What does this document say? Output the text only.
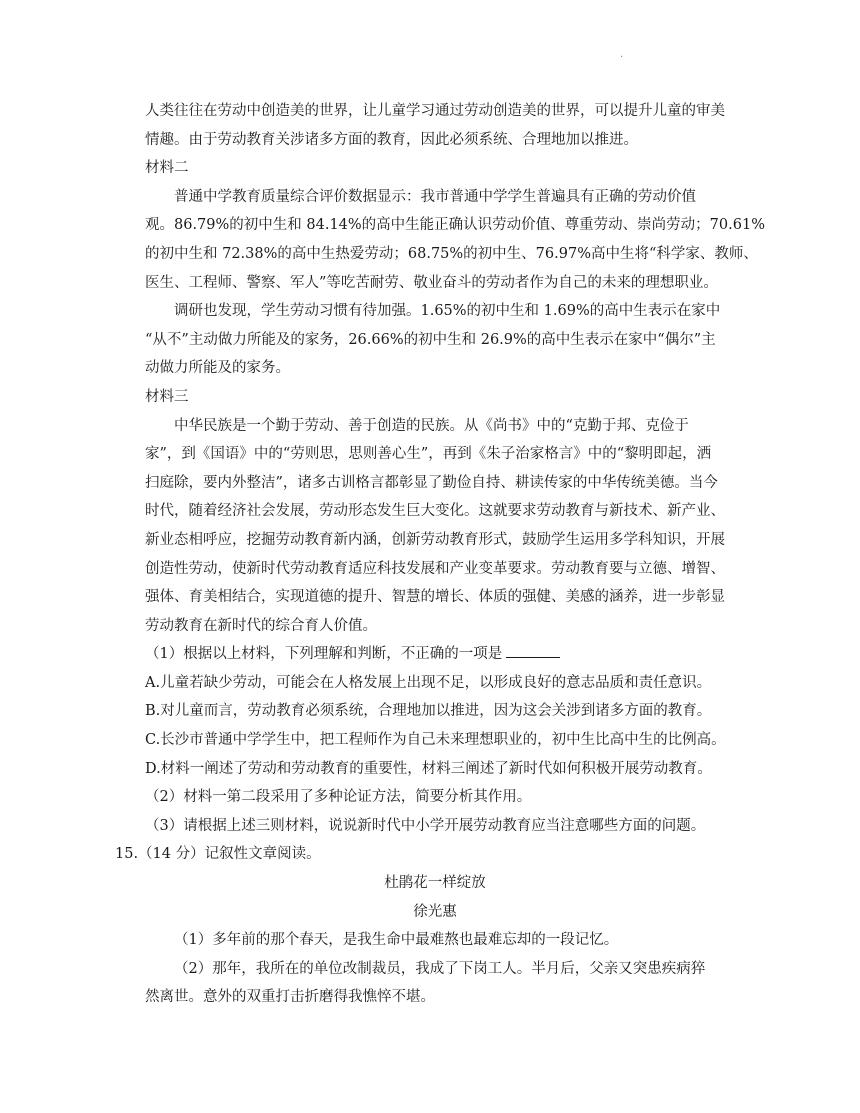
·
人类往往在劳动中创造美的世界，让儿童学习通过劳动创造美的世界，可以提升儿童的审美
情趣。由于劳动教育关涉诸多方面的教育，因此必须系统、合理地加以推进。
材料二
普通中学教育质量综合评价数据显示：我市普通中学学生普遍具有正确的劳动价值
观。86.79%的初中生和 84.14%的高中生能正确认识劳动价值、尊重劳动、崇尚劳动；70.61%
的初中生和 72.38%的高中生热爱劳动；68.75%的初中生、76.97%高中生将“科学家、教师、
医生、工程师、警察、军人”等吃苦耐劳、敬业奋斗的劳动者作为自己的未来的理想职业。
调研也发现，学生劳动习惯有待加强。1.65%的初中生和 1.69%的高中生表示在家中
“从不”主动做力所能及的家务，26.66%的初中生和 26.9%的高中生表示在家中“偶尔”主
动做力所能及的家务。
材料三
中华民族是一个勤于劳动、善于创造的民族。从《尚书》中的“克勤于邦、克俭于
家”，到《国语》中的“劳则思，思则善心生”，再到《朱子治家格言》中的“黎明即起，洒
扫庭除，要内外整洁”，诸多古训格言都彰显了勤俭自持、耕读传家的中华传统美德。当今
时代，随着经济社会发展，劳动形态发生巨大变化。这就要求劳动教育与新技术、新产业、
新业态相呼应，挖掘劳动教育新内涵，创新劳动教育形式，鼓励学生运用多学科知识，开展
创造性劳动，使新时代劳动教育适应科技发展和产业变革要求。劳动教育要与立德、增智、
强体、育美相结合，实现道德的提升、智慧的增长、体质的强健、美感的涵养，进一步彰显
劳动教育在新时代的综合育人价值。
（1）根据以上材料，下列理解和判断，不正确的一项是
A.儿童若缺少劳动，可能会在人格发展上出现不足，以形成良好的意志品质和责任意识。
B.对儿童而言，劳动教育必须系统，合理地加以推进，因为这会关涉到诸多方面的教育。
C.长沙市普通中学学生中，把工程师作为自己未来理想职业的，初中生比高中生的比例高。
D.材料一阐述了劳动和劳动教育的重要性，材料三阐述了新时代如何积极开展劳动教育。
（2）材料一第二段采用了多种论证方法，简要分析其作用。
（3）请根据上述三则材料，说说新时代中小学开展劳动教育应当注意哪些方面的问题。
15.（14 分）记叙性文章阅读。
杜鹃花一样绽放
徐光惠
（1）多年前的那个春天，是我生命中最难熬也最难忘却的一段记忆。
（2）那年，我所在的单位改制裁员，我成了下岗工人。半月后，父亲又突患疾病猝
然离世。意外的双重打击折磨得我憔悴不堪。
